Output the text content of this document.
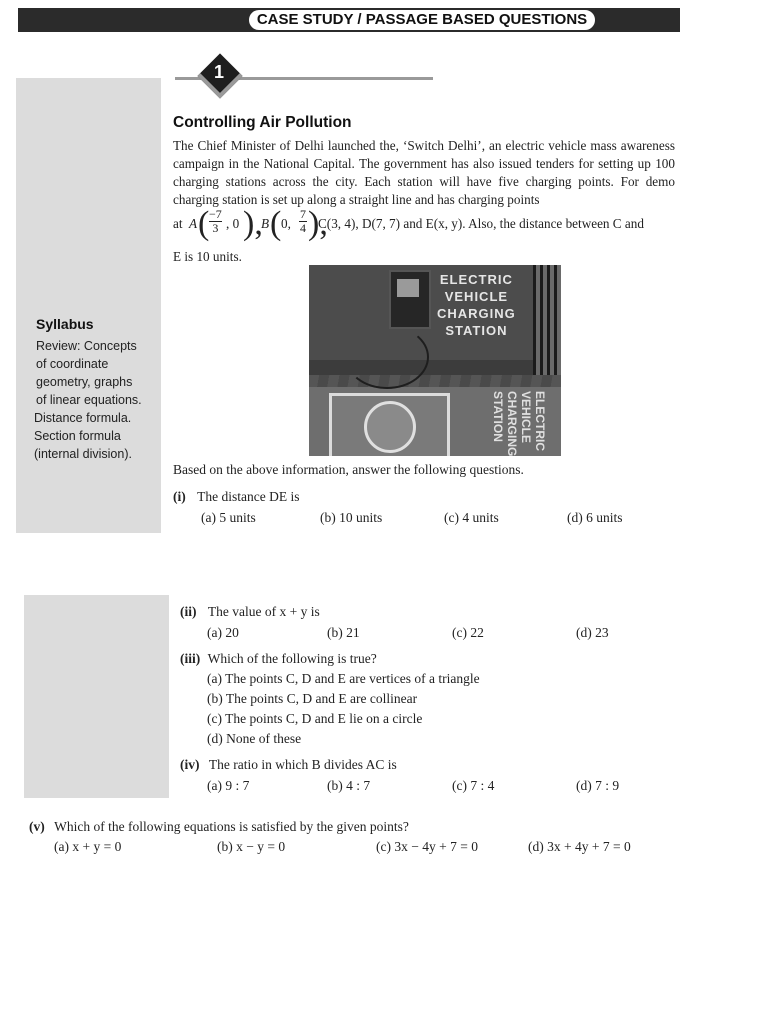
CASE STUDY / PASSAGE BASED QUESTIONS
Syllabus
Review: Concepts
of coordinate
geometry, graphs
of linear equations.
Distance formula.
Section formula
(internal division).
1
Controlling Air Pollution
The Chief Minister of Delhi launched the, ‘Switch Delhi’, an electric vehicle mass awareness campaign in the National Capital. The government has also issued tenders for setting up 100 charging stations across the city. Each station will have five charging points. For demo charging station is set up along a straight line and has charging points
at A ( $\frac{-7}{3}$ , 0 ),
B ( 0, $\frac{7}{4}$ ),
C(3, 4), D(7, 7) and E(x, y). Also, the distance between C and
E is 10 units.
ELECTRIC
VEHICLE
CHARGING
STATION
ELECTRIC
VEHICLE
CHARGING
STATION
Based on the above information, answer the following questions.
(i) The distance DE is
(a) 5 units	(b) 10 units	(c) 4 units	(d) 6 units
(ii) The value of x + y is
(a) 20	(b) 21	(c) 22	(d) 23
(iii) Which of the following is true?
(a) The points C, D and E are vertices of a triangle
(b) The points C, D and E are collinear
(c) The points C, D and E lie on a circle
(d) None of these
(iv) The ratio in which B divides AC is
(a) 9 : 7	(b) 4 : 7	(c) 7 : 4	(d) 7 : 9
(v) Which of the following equations is satisfied by the given points?
(a) x + y = 0	(b) x − y = 0	(c) 3x − 4y + 7 = 0	(d) 3x + 4y + 7 = 0
